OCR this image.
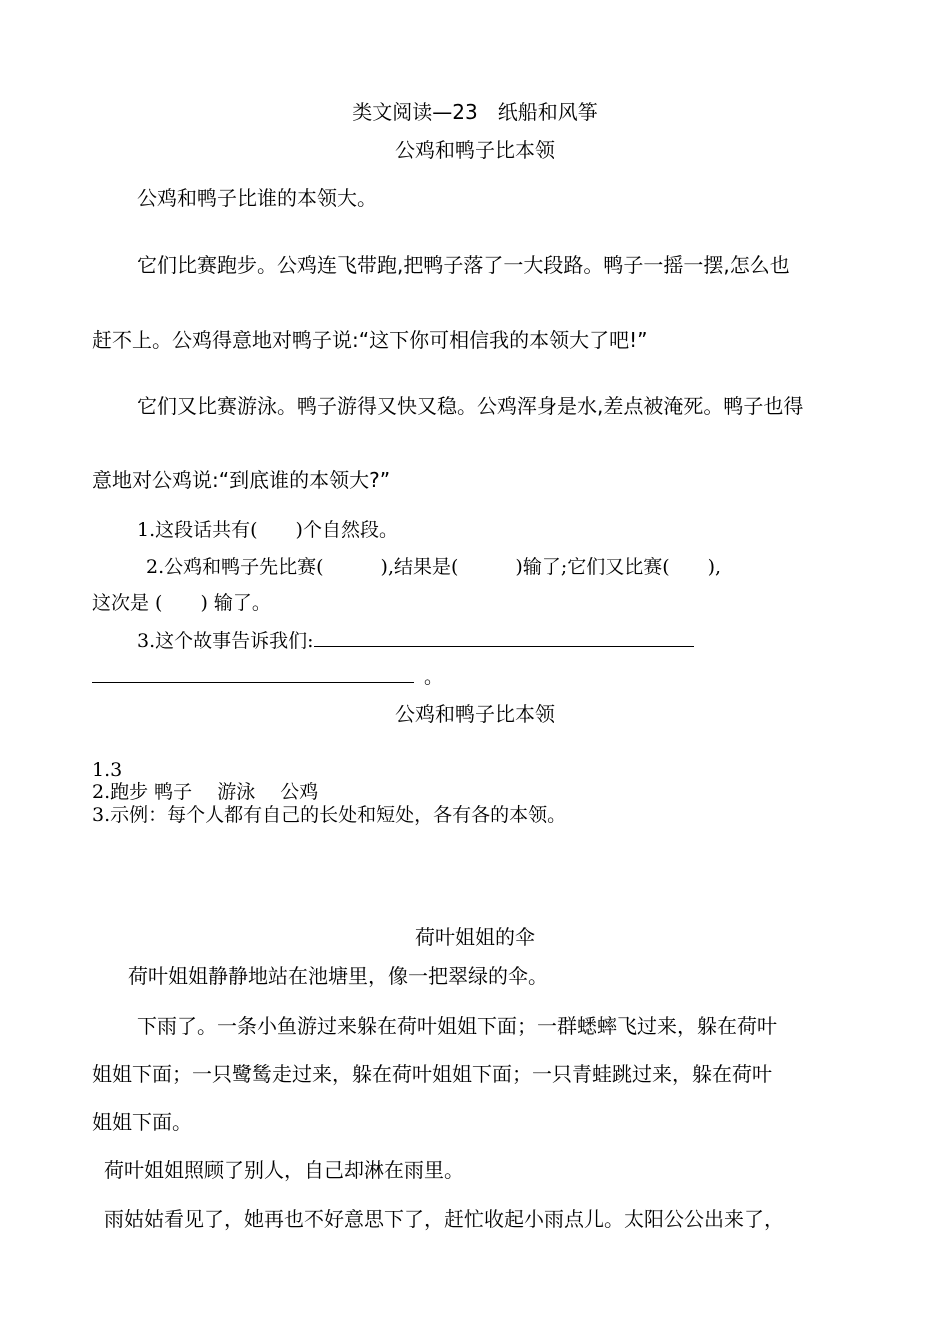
类文阅读—23　纸船和风筝
公鸡和鸭子比本领
公鸡和鸭子比谁的本领大。
它们比赛跑步。公鸡连飞带跑,把鸭子落了一大段路。鸭子一摇一摆,怎么也
赶不上。公鸡得意地对鸭子说:“这下你可相信我的本领大了吧!”
它们又比赛游泳。鸭子游得又快又稳。公鸡浑身是水,差点被淹死。鸭子也得
意地对公鸡说:“到底谁的本领大?”
1.这段话共有(　　)个自然段。
2.公鸡和鸭子先比赛(　　　),结果是(　　　)输了;它们又比赛(　　),
这次是 (　　) 输了。
3.这个故事告诉我们:
。
公鸡和鸭子比本领
1.3
2.跑步 鸭子　 游泳　 公鸡
3.示例：每个人都有自己的长处和短处，各有各的本领。
荷叶姐姐的伞
荷叶姐姐静静地站在池塘里，像一把翠绿的伞。
下雨了。一条小鱼游过来躲在荷叶姐姐下面；一群蟋蟀飞过来，躲在荷叶
姐姐下面；一只鹭鸶走过来，躲在荷叶姐姐下面；一只青蛙跳过来，躲在荷叶
姐姐下面。
荷叶姐姐照顾了别人，自己却淋在雨里。
雨姑姑看见了，她再也不好意思下了，赶忙收起小雨点儿。太阳公公出来了，
